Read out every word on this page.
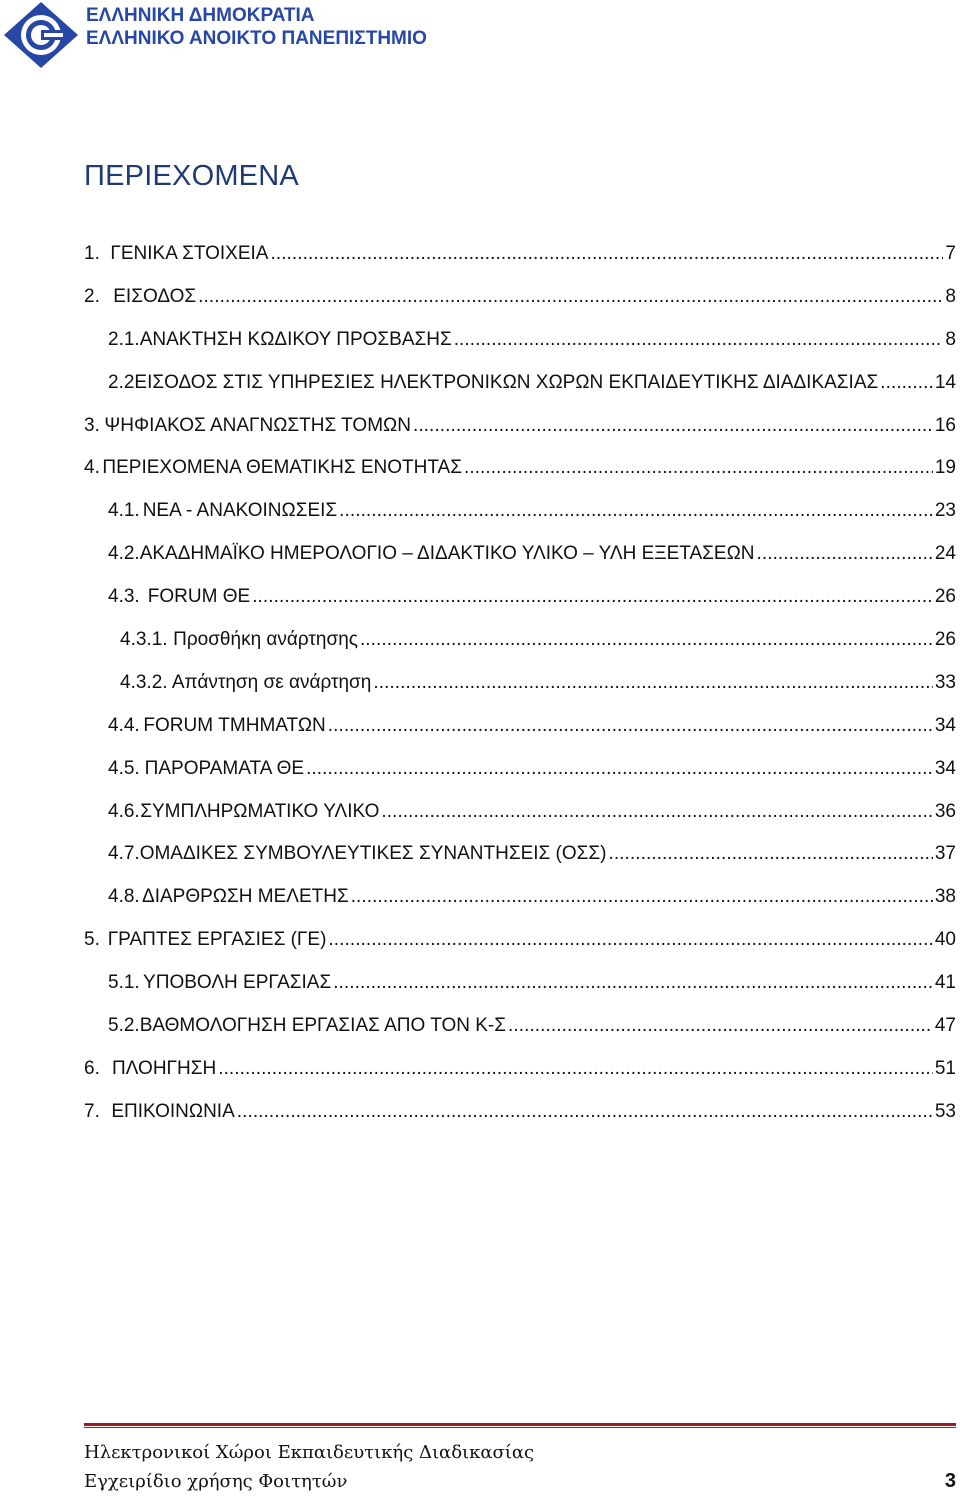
ΕΛΛΗΝΙΚΗ ΔΗΜΟΚΡΑΤΙΑ
ΕΛΛΗΝΙΚΟ ΑΝΟΙΚΤΟ ΠΑΝΕΠΙΣΤΗΜΙΟ
ΠΕΡΙΕΧΟΜΕΝΑ
1. ΓΕΝΙΚΑ ΣΤΟΙΧΕΙΑ . . .	7
2. ΕΙΣΟΔΟΣ . . .	8
2.1. ΑΝΑΚΤΗΣΗ ΚΩΔΙΚΟΥ ΠΡΟΣΒΑΣΗΣ . . .	8
2.2 ΕΙΣΟΔΟΣ ΣΤΙΣ ΥΠΗΡΕΣΙΕΣ ΗΛΕΚΤΡΟΝΙΚΩΝ ΧΩΡΩΝ ΕΚΠΑΙΔΕΥΤΙΚΗΣ ΔΙΑΔΙΚΑΣΙΑΣ . . .	14
3. ΨΗΦΙΑΚΟΣ ΑΝΑΓΝΩΣΤΗΣ ΤΟΜΩΝ . . .	16
4. ΠΕΡΙΕΧΟΜΕΝΑ ΘΕΜΑΤΙΚΗΣ ΕΝΟΤΗΤΑΣ . . .	19
4.1. ΝΕΑ - ΑΝΑΚΟΙΝΩΣΕΙΣ . . .	23
4.2. ΑΚΑΔΗΜΑΪΚΟ ΗΜΕΡΟΛΟΓΙΟ – ΔΙΔΑΚΤΙΚΟ ΥΛΙΚΟ – ΥΛΗ ΕΞΕΤΑΣΕΩΝ . . .	24
4.3. FORUM ΘΕ . . .	26
4.3.1. Προσθήκη ανάρτησης . . .	26
4.3.2. Απάντηση σε ανάρτηση . . .	33
4.4. FORUM ΤΜΗΜΑΤΩΝ . . .	34
4.5. ΠΑΡΟΡΑΜΑΤΑ ΘΕ . . .	34
4.6. ΣΥΜΠΛΗΡΩΜΑΤΙΚΟ ΥΛΙΚΟ . . .	36
4.7. ΟΜΑΔΙΚΕΣ ΣΥΜΒΟΥΛΕΥΤΙΚΕΣ ΣΥΝΑΝΤΗΣΕΙΣ (ΟΣΣ) . . .	37
4.8. ΔΙΑΡΘΡΩΣΗ ΜΕΛΕΤΗΣ . . .	38
5. ΓΡΑΠΤΕΣ ΕΡΓΑΣΙΕΣ (ΓΕ) . . .	40
5.1. ΥΠΟΒΟΛΗ ΕΡΓΑΣΙΑΣ . . .	41
5.2. ΒΑΘΜΟΛΟΓΗΣΗ ΕΡΓΑΣΙΑΣ ΑΠΟ ΤΟΝ Κ-Σ . . .	47
6. ΠΛΟΗΓΗΣΗ . . .	51
7. ΕΠΙΚΟΙΝΩΝΙΑ . . .	53
Ηλεκτρονικοί Χώροι Εκπαιδευτικής Διαδικασίας
Εγχειρίδιο χρήσης Φοιτητών	3
